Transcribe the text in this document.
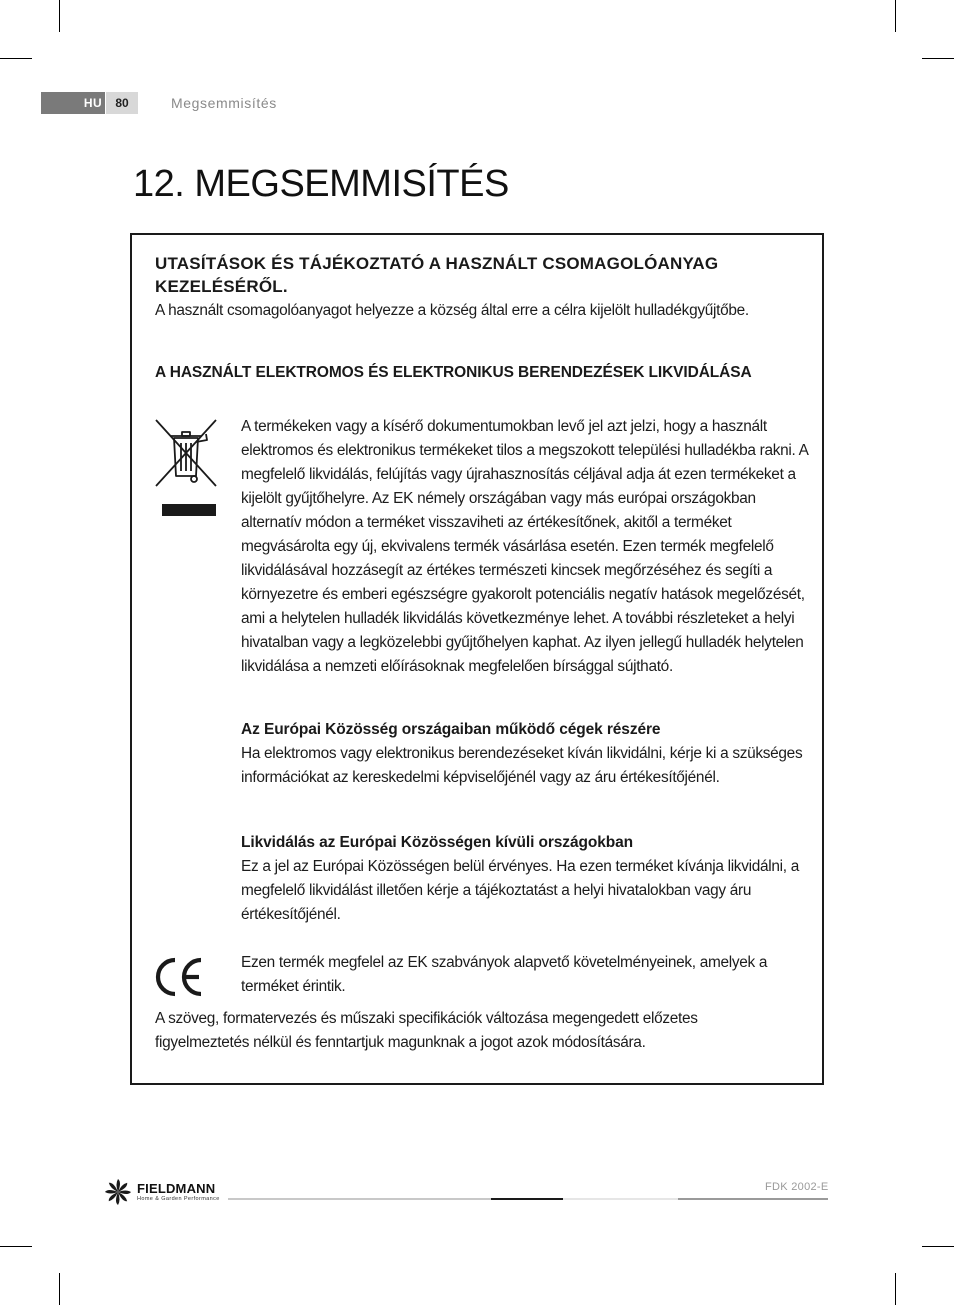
HU	80	Megsemmisítés
12. MEGSEMMISÍTÉS
UTASÍTÁSOK ÉS TÁJÉKOZTATÓ A HASZNÁLT CSOMAGOLÓANYAG KEZELÉSÉRŐL.

A használt csomagolóanyagot helyezze a község által erre a célra kijelölt hulladékgyűjtőbe.

A HASZNÁLT ELEKTROMOS ÉS ELEKTRONIKUS BERENDEZÉSEK LIKVIDÁLÁSA

A termékeken vagy a kísérő dokumentumokban levő jel azt jelzi, hogy a használt elektromos és elektronikus termékeket tilos a megszokott települési hulladékba rakni. A megfelelő likvidálás, felújítás vagy újrahasznosítás céljával adja át ezen termékeket a kijelölt gyűjtőhelyre. Az EK némely országában vagy más európai országokban alternatív módon a terméket visszaviheti az értékesítőnek, akitől a terméket megvásárolta egy új, ekvivalens termék vásárlása esetén. Ezen termék megfelelő likvidálásával hozzásegít az értékes természeti kincsek megőrzéséhez és segíti a környezetre és emberi egészségre gyakorolt potenciális negatív hatások megelőzését, ami a helytelen hulladék likvidálás következménye lehet. A további részleteket a helyi hivatalban vagy a legközelebbi gyűjtőhelyen kaphat. Az ilyen jellegű hulladék helytelen likvidálása a nemzeti előírásoknak megfelelően bírsággal sújtható.

Az Európai Közösség országaiban működő cégek részére

Ha elektromos vagy elektronikus berendezéseket kíván likvidálni, kérje ki a szükséges információkat az kereskedelmi képviselőjénél vagy az áru értékesítőjénél.

Likvidálás az Európai Közösségen kívüli országokban

Ez a jel az Európai Közösségen belül érvényes. Ha ezen terméket kívánja likvidálni, a megfelelő likvidálást illetően kérje a tájékoztatást a helyi hivatalokban vagy áru értékesítőjénél.

Ezen termék megfelel az EK szabványok alapvető követelményeinek, amelyek a terméket érintik.

A szöveg, formatervezés és műszaki specifikációk változása megengedett előzetes figyelmeztetés nélkül és fenntartjuk magunknak a jogot azok módosítására.

FIELDMANN
Home & Garden Performance
FDK 2002-E
